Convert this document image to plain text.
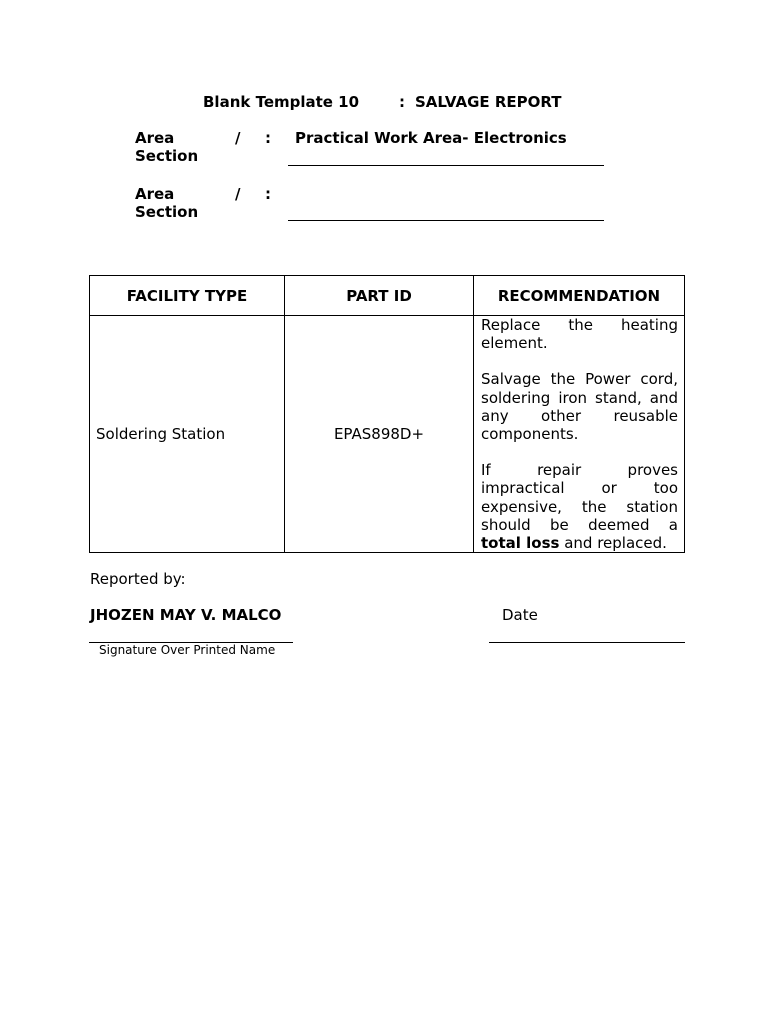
Blank Template 10	: SALVAGE REPORT
Area
Section
/ : Practical Work Area- Electronics
Area
Section
/ :
FACILITY TYPE	PART ID	RECOMMENDATION
Soldering Station	EPAS898D+	Replace the heating element.

Salvage the Power cord, soldering iron stand, and any other reusable components.

If repair proves impractical or too expensive, the station should be deemed a total loss and replaced.

Reported by:
JHOZEN MAY V. MALCO
Signature Over Printed Name
Date
